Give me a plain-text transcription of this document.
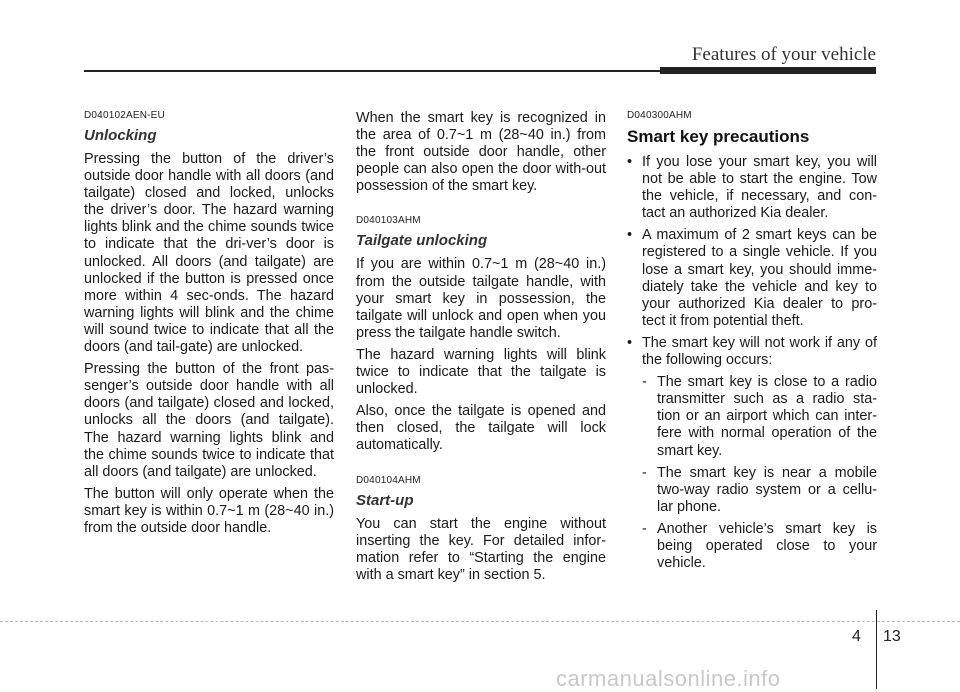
Features of your vehicle
D040102AEN-EU
Unlocking

Pressing the button of the driver’s outside door handle with all doors (and tailgate) closed and locked, unlocks the driver’s door. The hazard warning lights blink and the chime sounds twice to indicate that the dri-ver’s door is unlocked. All doors (and tailgate) are unlocked if the button is pressed once more within 4 sec-onds. The hazard warning lights will blink and the chime will sound twice to indicate that all the doors (and tail-gate) are unlocked.

Pressing the button of the front pas-senger’s outside door handle with all doors (and tailgate) closed and locked, unlocks all the doors (and tailgate). The hazard warning lights blink and the chime sounds twice to indicate that all doors (and tailgate) are unlocked.

The button will only operate when the smart key is within 0.7~1 m (28~40 in.) from the outside door handle.

When the smart key is recognized in the area of 0.7~1 m (28~40 in.) from the front outside door handle, other people can also open the door with-out possession of the smart key.

D040103AHM
Tailgate unlocking

If you are within 0.7~1 m (28~40 in.) from the outside tailgate handle, with your smart key in possession, the tailgate will unlock and open when you press the tailgate handle switch.

The hazard warning lights will blink twice to indicate that the tailgate is unlocked.

Also, once the tailgate is opened and then closed, the tailgate will lock automatically.

D040104AHM
Start-up

You can start the engine without inserting the key. For detailed infor-mation refer to “Starting the engine with a smart key” in section 5.

D040300AHM
Smart key precautions
• If you lose your smart key, you will not be able to start the engine. Tow the vehicle, if necessary, and con-tact an authorized Kia dealer.
• A maximum of 2 smart keys can be registered to a single vehicle. If you lose a smart key, you should imme-diately take the vehicle and key to your authorized Kia dealer to pro-tect it from potential theft.
• The smart key will not work if any of the following occurs:
- The smart key is close to a radio transmitter such as a radio sta-tion or an airport which can inter-fere with normal operation of the smart key.
- The smart key is near a mobile two-way radio system or a cellu-lar phone.
- Another vehicle’s smart key is being operated close to your vehicle.
4 13
carmanualsonline.info
